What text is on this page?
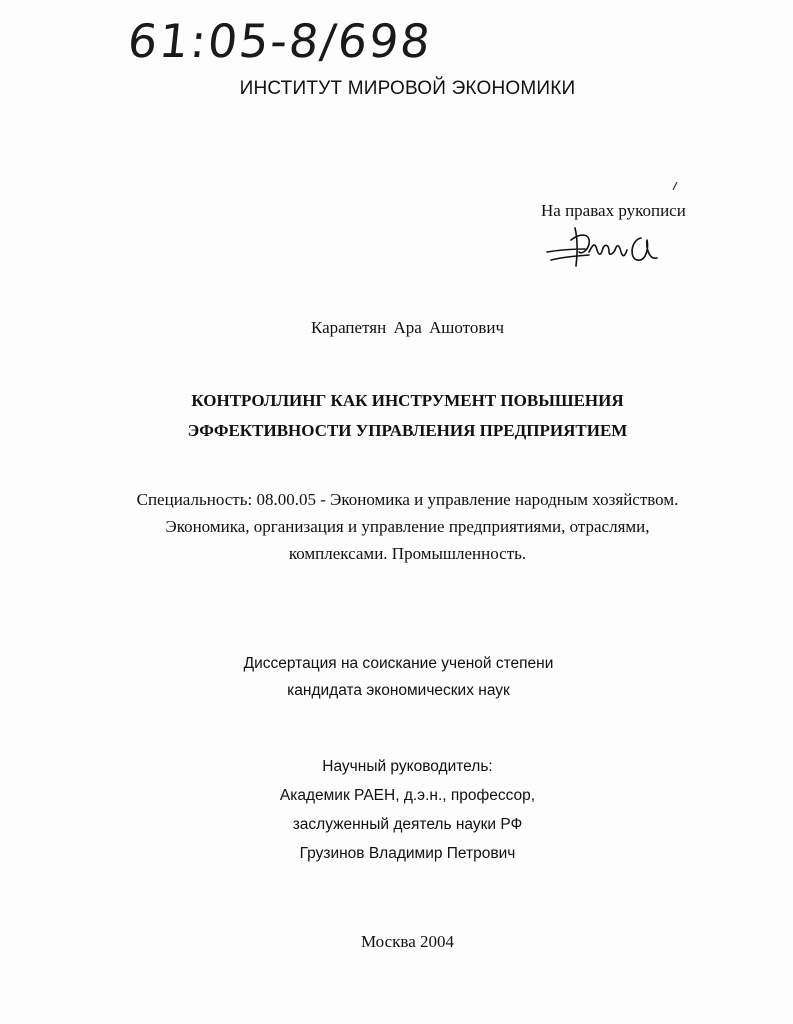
61:05-8/698
ИНСТИТУТ МИРОВОЙ ЭКОНОМИКИ
На правах рукописи
Карапетян Ара Ашотович
КОНТРОЛЛИНГ КАК ИНСТРУМЕНТ ПОВЫШЕНИЯ
ЭФФЕКТИВНОСТИ УПРАВЛЕНИЯ ПРЕДПРИЯТИЕМ
Специальность: 08.00.05 - Экономика и управление народным хозяйством.
Экономика, организация и управление предприятиями, отраслями,
комплексами. Промышленность.
Диссертация на соискание ученой степени
кандидата экономических наук
Научный руководитель:
Академик РАЕН, д.э.н., профессор,
заслуженный деятель науки РФ
Грузинов Владимир Петрович
Москва 2004
